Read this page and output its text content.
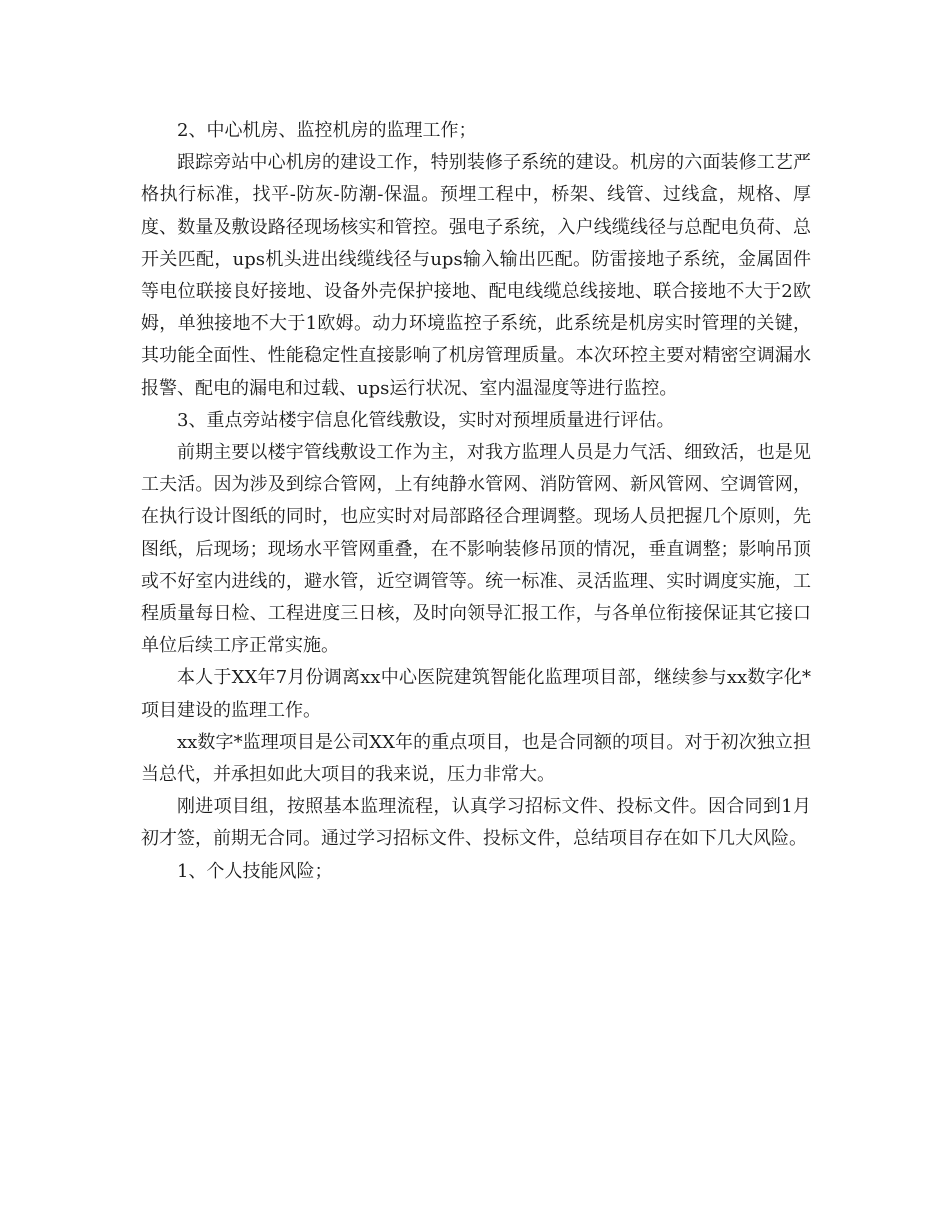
2、中心机房、监控机房的监理工作；

跟踪旁站中心机房的建设工作，特别装修子系统的建设。机房的六面装修工艺严格执行标准，找平-防灰-防潮-保温。预埋工程中，桥架、线管、过线盒，规格、厚度、数量及敷设路径现场核实和管控。强电子系统，入户线缆线径与总配电负荷、总开关匹配，ups机头进出线缆线径与ups输入输出匹配。防雷接地子系统，金属固件等电位联接良好接地、设备外壳保护接地、配电线缆总线接地、联合接地不大于2欧姆，单独接地不大于1欧姆。动力环境监控子系统，此系统是机房实时管理的关键，其功能全面性、性能稳定性直接影响了机房管理质量。本次环控主要对精密空调漏水报警、配电的漏电和过载、ups运行状况、室内温湿度等进行监控。

3、重点旁站楼宇信息化管线敷设，实时对预埋质量进行评估。

前期主要以楼宇管线敷设工作为主，对我方监理人员是力气活、细致活，也是见工夫活。因为涉及到综合管网，上有纯静水管网、消防管网、新风管网、空调管网，在执行设计图纸的同时，也应实时对局部路径合理调整。现场人员把握几个原则，先图纸，后现场；现场水平管网重叠，在不影响装修吊顶的情况，垂直调整；影响吊顶或不好室内进线的，避水管，近空调管等。统一标准、灵活监理、实时调度实施，工程质量每日检、工程进度三日核，及时向领导汇报工作，与各单位衔接保证其它接口单位后续工序正常实施。

本人于XX年7月份调离xx中心医院建筑智能化监理项目部，继续参与xx数字化*项目建设的监理工作。

xx数字*监理项目是公司XX年的重点项目，也是合同额的项目。对于初次独立担当总代，并承担如此大项目的我来说，压力非常大。

刚进项目组，按照基本监理流程，认真学习招标文件、投标文件。因合同到1月初才签，前期无合同。通过学习招标文件、投标文件，总结项目存在如下几大风险。

1、个人技能风险；
